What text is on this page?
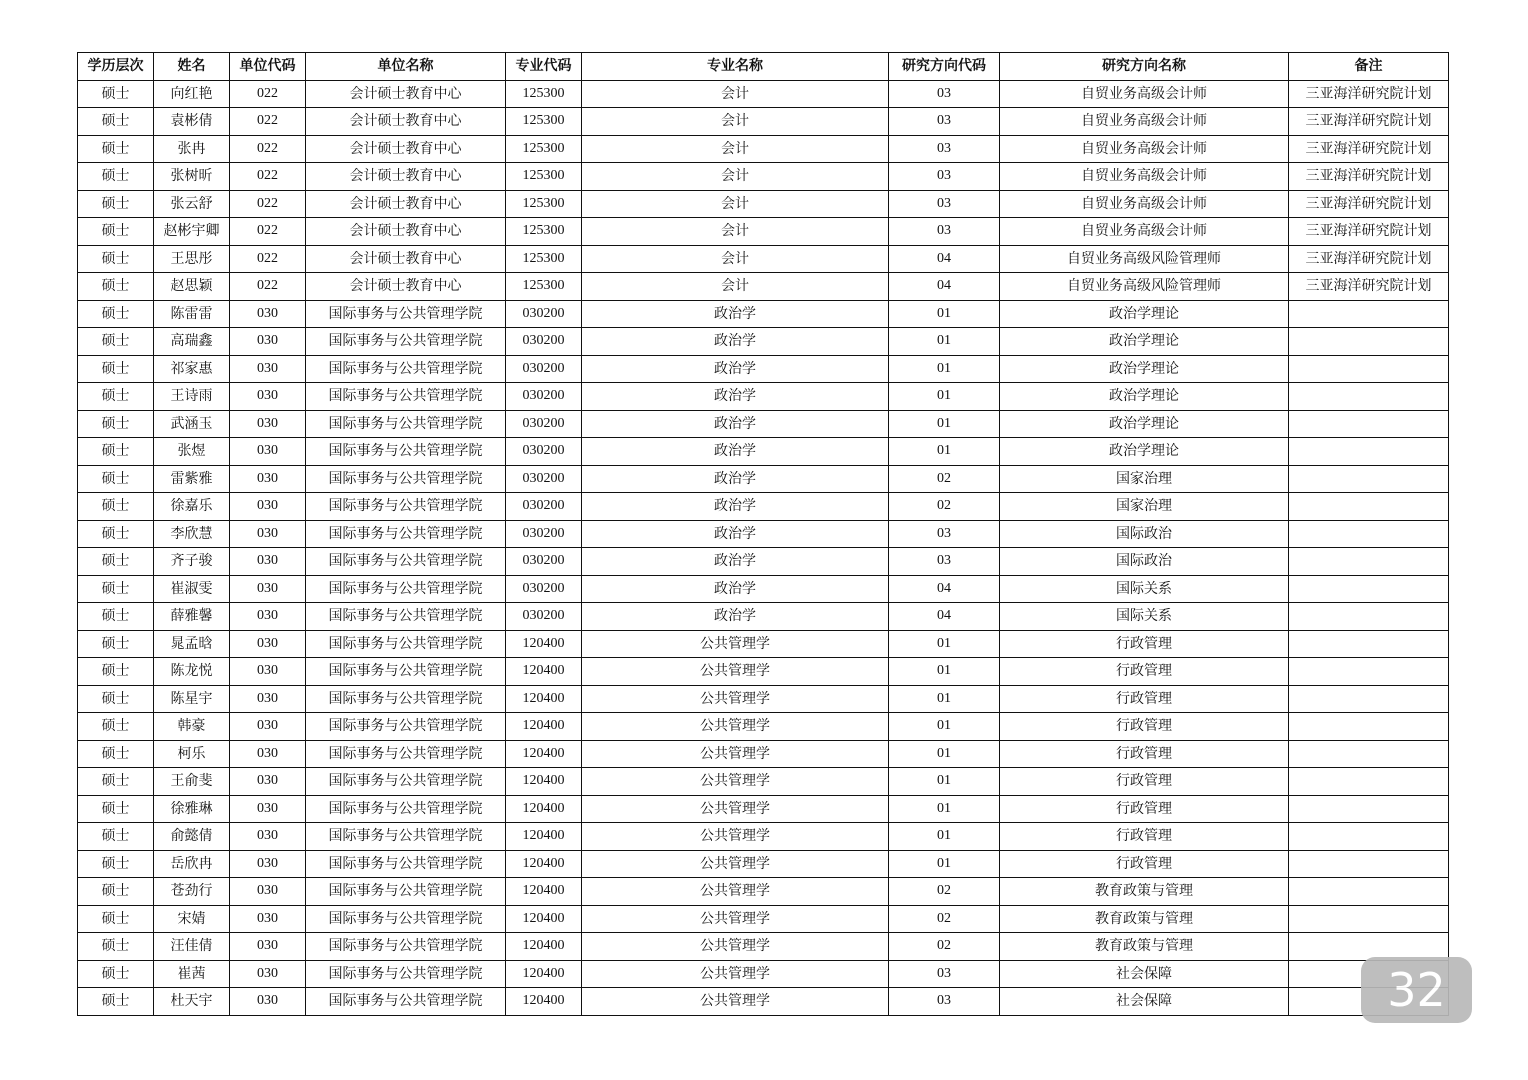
学历层次	姓名	单位代码	单位名称	专业代码	专业名称	研究方向代码	研究方向名称	备注
硕士	向红艳	022	会计硕士教育中心	125300	会计	03	自贸业务高级会计师	三亚海洋研究院计划
硕士	袁彬倩	022	会计硕士教育中心	125300	会计	03	自贸业务高级会计师	三亚海洋研究院计划
硕士	张冉	022	会计硕士教育中心	125300	会计	03	自贸业务高级会计师	三亚海洋研究院计划
硕士	张树昕	022	会计硕士教育中心	125300	会计	03	自贸业务高级会计师	三亚海洋研究院计划
硕士	张云舒	022	会计硕士教育中心	125300	会计	03	自贸业务高级会计师	三亚海洋研究院计划
硕士	赵彬宇卿	022	会计硕士教育中心	125300	会计	03	自贸业务高级会计师	三亚海洋研究院计划
硕士	王思彤	022	会计硕士教育中心	125300	会计	04	自贸业务高级风险管理师	三亚海洋研究院计划
硕士	赵思颖	022	会计硕士教育中心	125300	会计	04	自贸业务高级风险管理师	三亚海洋研究院计划
硕士	陈雷雷	030	国际事务与公共管理学院	030200	政治学	01	政治学理论	
硕士	高瑞鑫	030	国际事务与公共管理学院	030200	政治学	01	政治学理论	
硕士	祁家惠	030	国际事务与公共管理学院	030200	政治学	01	政治学理论	
硕士	王诗雨	030	国际事务与公共管理学院	030200	政治学	01	政治学理论	
硕士	武涵玉	030	国际事务与公共管理学院	030200	政治学	01	政治学理论	
硕士	张煜	030	国际事务与公共管理学院	030200	政治学	01	政治学理论	
硕士	雷紫雅	030	国际事务与公共管理学院	030200	政治学	02	国家治理	
硕士	徐嘉乐	030	国际事务与公共管理学院	030200	政治学	02	国家治理	
硕士	李欣慧	030	国际事务与公共管理学院	030200	政治学	03	国际政治	
硕士	齐子骏	030	国际事务与公共管理学院	030200	政治学	03	国际政治	
硕士	崔淑雯	030	国际事务与公共管理学院	030200	政治学	04	国际关系	
硕士	薛雅馨	030	国际事务与公共管理学院	030200	政治学	04	国际关系	
硕士	晁孟晗	030	国际事务与公共管理学院	120400	公共管理学	01	行政管理	
硕士	陈龙悦	030	国际事务与公共管理学院	120400	公共管理学	01	行政管理	
硕士	陈星宇	030	国际事务与公共管理学院	120400	公共管理学	01	行政管理	
硕士	韩豪	030	国际事务与公共管理学院	120400	公共管理学	01	行政管理	
硕士	柯乐	030	国际事务与公共管理学院	120400	公共管理学	01	行政管理	
硕士	王俞斐	030	国际事务与公共管理学院	120400	公共管理学	01	行政管理	
硕士	徐雅琳	030	国际事务与公共管理学院	120400	公共管理学	01	行政管理	
硕士	俞懿倩	030	国际事务与公共管理学院	120400	公共管理学	01	行政管理	
硕士	岳欣冉	030	国际事务与公共管理学院	120400	公共管理学	01	行政管理	
硕士	苍劲行	030	国际事务与公共管理学院	120400	公共管理学	02	教育政策与管理	
硕士	宋婧	030	国际事务与公共管理学院	120400	公共管理学	02	教育政策与管理	
硕士	汪佳倩	030	国际事务与公共管理学院	120400	公共管理学	02	教育政策与管理	
硕士	崔茜	030	国际事务与公共管理学院	120400	公共管理学	03	社会保障	
硕士	杜天宇	030	国际事务与公共管理学院	120400	公共管理学	03	社会保障		32
